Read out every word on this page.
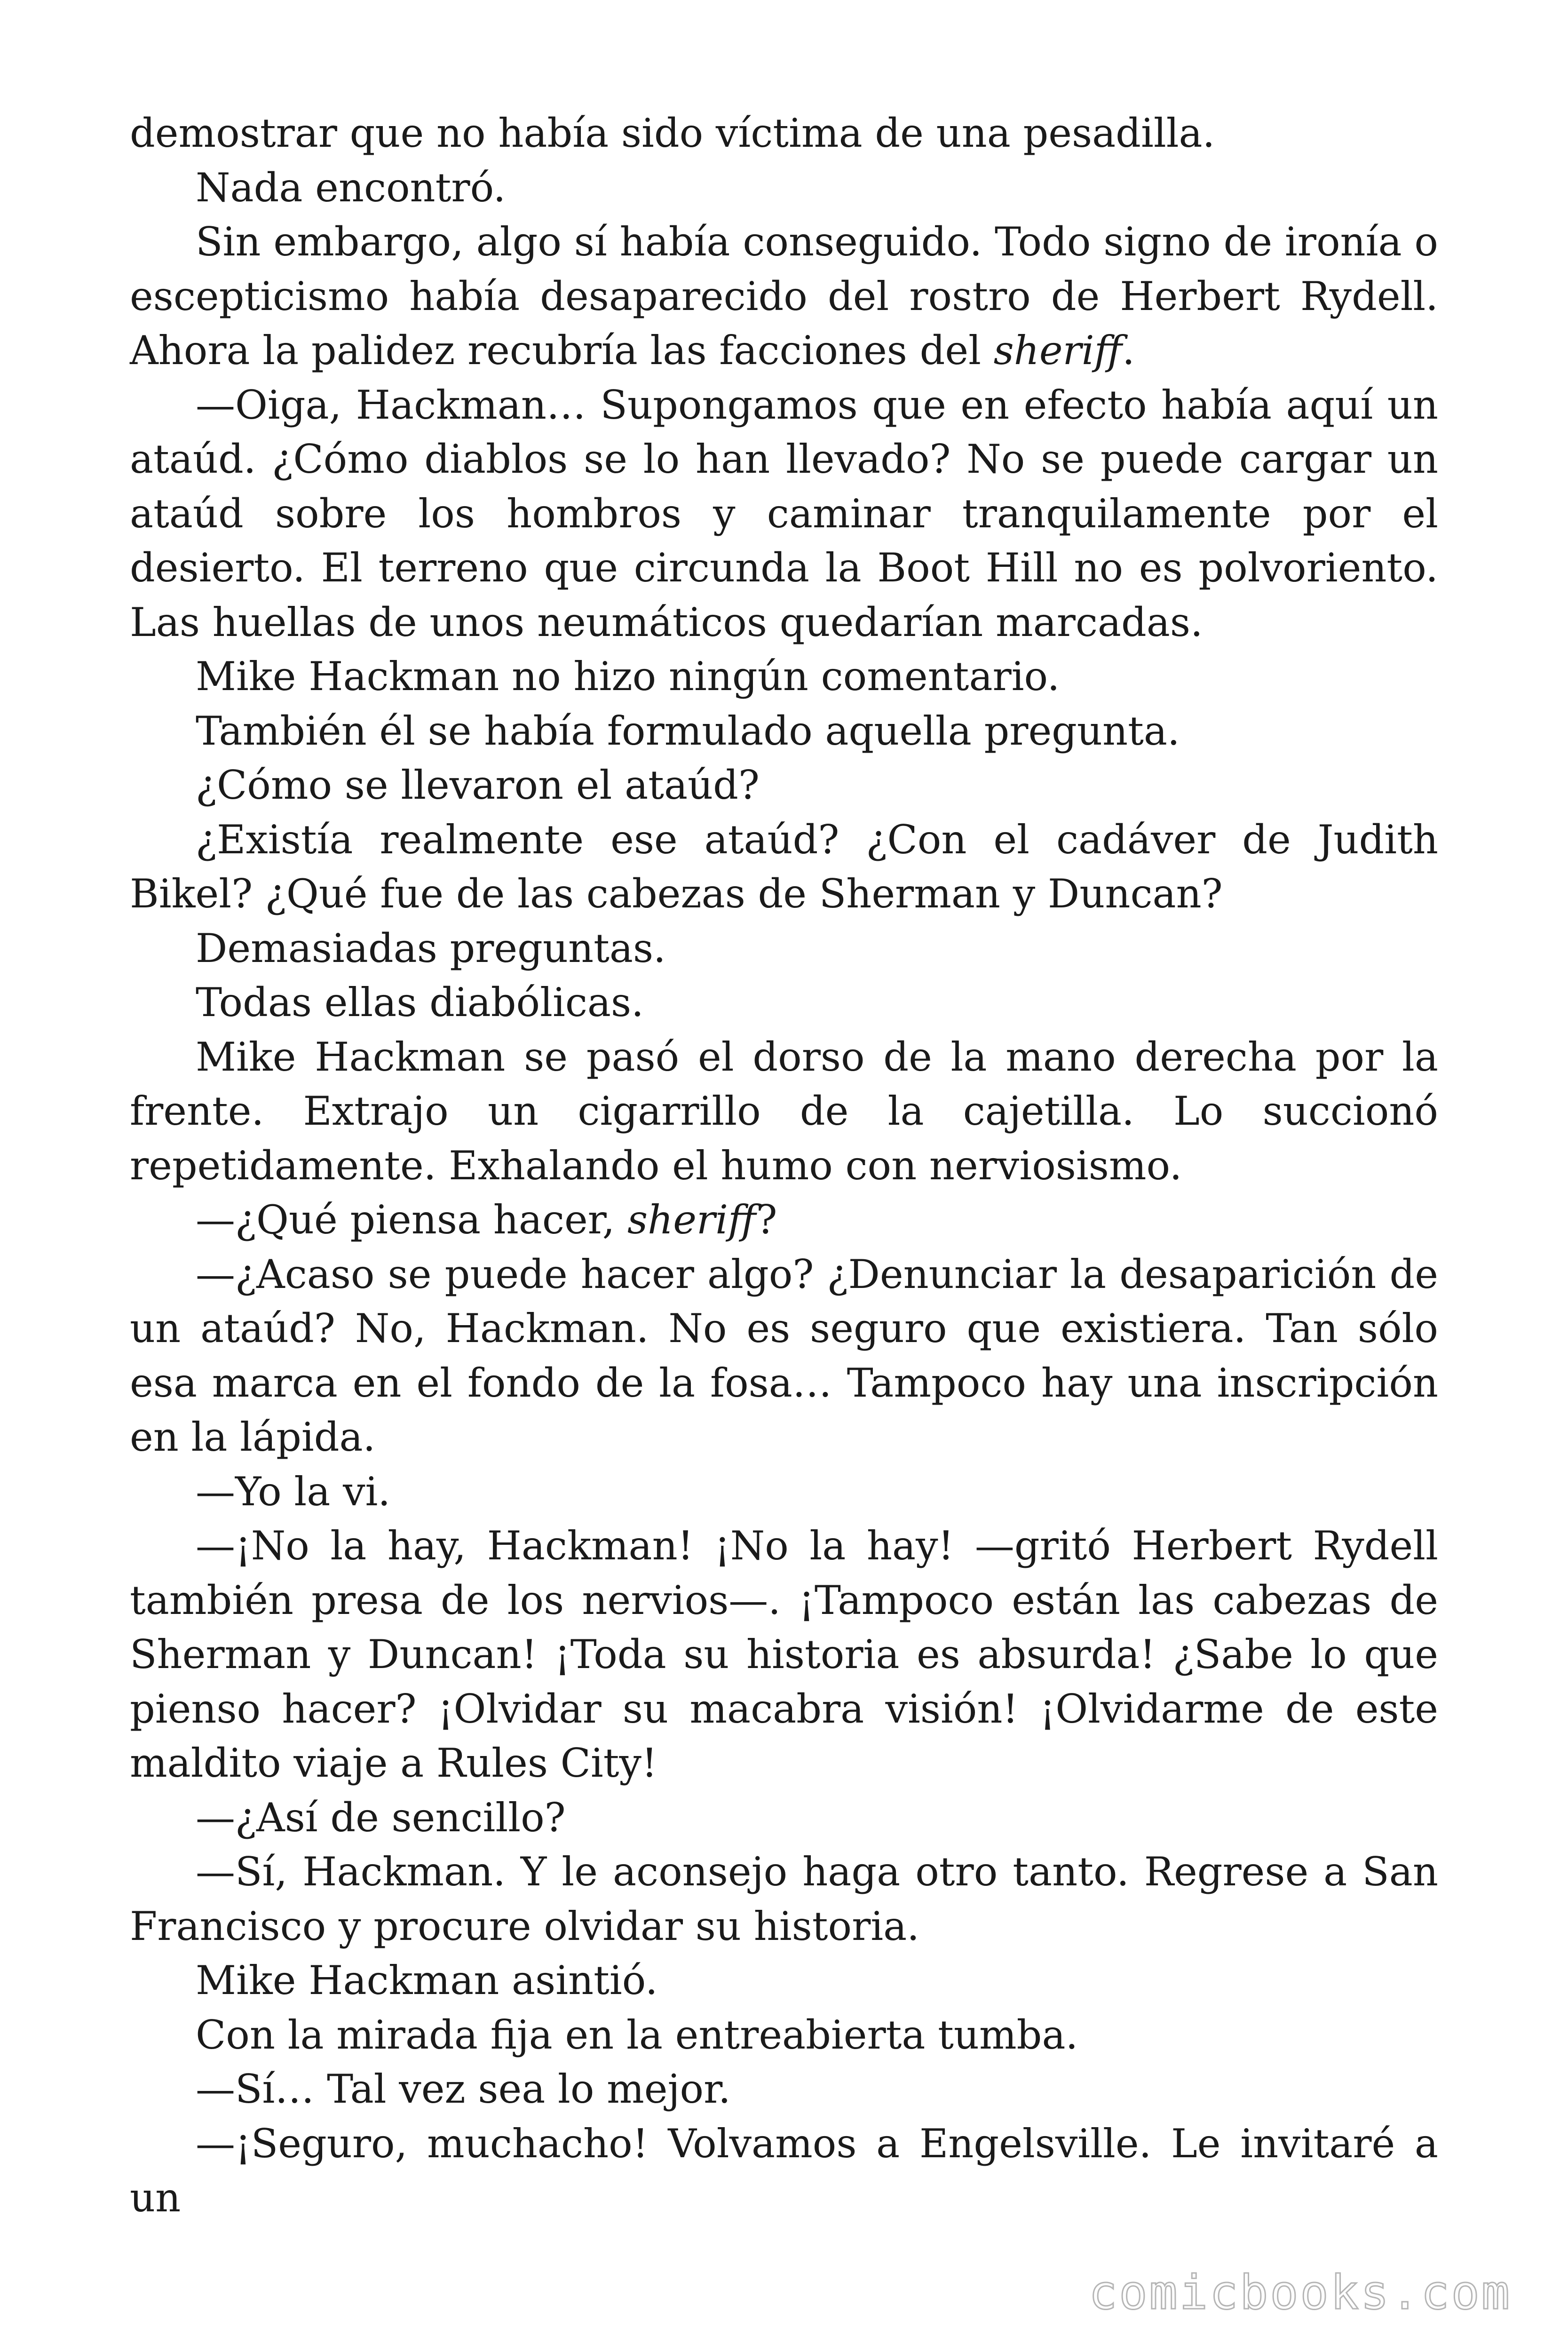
demostrar que no había sido víctima de una pesadilla.

Nada encontró.

Sin embargo, algo sí había conseguido. Todo signo de ironía o escepticismo había desaparecido del rostro de Herbert Rydell. Ahora la palidez recubría las facciones del sheriff.

—Oiga, Hackman… Supongamos que en efecto había aquí un ataúd. ¿Cómo diablos se lo han llevado? No se puede cargar un ataúd sobre los hombros y caminar tranquilamente por el desierto. El terreno que circunda la Boot Hill no es polvoriento. Las huellas de unos neumáticos quedarían marcadas.

Mike Hackman no hizo ningún comentario.

También él se había formulado aquella pregunta.

¿Cómo se llevaron el ataúd?

¿Existía realmente ese ataúd? ¿Con el cadáver de Judith Bikel? ¿Qué fue de las cabezas de Sherman y Duncan?

Demasiadas preguntas.

Todas ellas diabólicas.

Mike Hackman se pasó el dorso de la mano derecha por la frente. Extrajo un cigarrillo de la cajetilla. Lo succionó repetidamente. Exhalando el humo con nerviosismo.

—¿Qué piensa hacer, sheriff?

—¿Acaso se puede hacer algo? ¿Denunciar la desaparición de un ataúd? No, Hackman. No es seguro que existiera. Tan sólo esa marca en el fondo de la fosa… Tampoco hay una inscripción en la lápida.

—Yo la vi.

—¡No la hay, Hackman! ¡No la hay! —gritó Herbert Rydell también presa de los nervios—. ¡Tampoco están las cabezas de Sherman y Duncan! ¡Toda su historia es absurda! ¿Sabe lo que pienso hacer? ¡Olvidar su macabra visión! ¡Olvidarme de este maldito viaje a Rules City!

—¿Así de sencillo?

—Sí, Hackman. Y le aconsejo haga otro tanto. Regrese a San Francisco y procure olvidar su historia.

Mike Hackman asintió.

Con la mirada fija en la entreabierta tumba.

—Sí… Tal vez sea lo mejor.

—¡Seguro, muchacho! Volvamos a Engelsville. Le invitaré a un

comicbooks.com
